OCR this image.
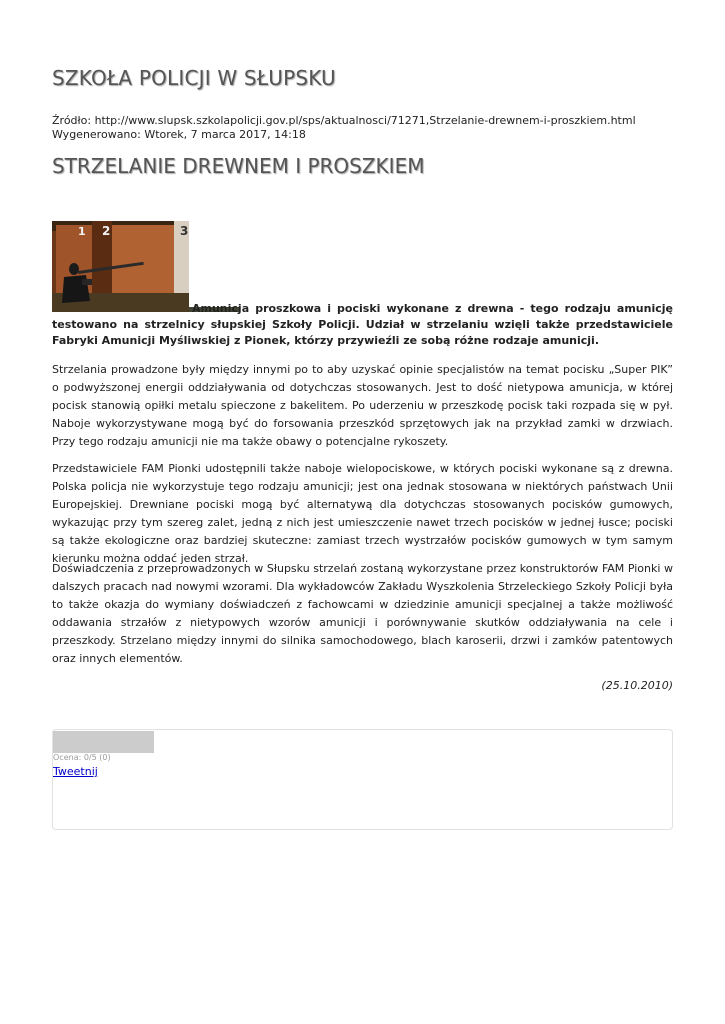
SZKOŁA POLICJI W SŁUPSKU
Źródło: http://www.slupsk.szkolapolicji.gov.pl/sps/aktualnosci/71271,Strzelanie-drewnem-i-proszkiem.html
Wygenerowano: Wtorek, 7 marca 2017, 14:18
STRZELANIE DREWNEM I PROSZKIEM
1 2	3

Amunicja proszkowa i pociski wykonane z drewna - tego rodzaju amunicję testowano na strzelnicy słupskiej Szkoły Policji. Udział w strzelaniu wzięli także przedstawiciele Fabryki Amunicji Myśliwskiej z Pionek, którzy przywieźli ze sobą różne rodzaje amunicji.

Strzelania prowadzone były między innymi po to aby uzyskać opinie specjalistów na temat pocisku „Super PIK” o podwyższonej energii oddziaływania od dotychczas stosowanych. Jest to dość nietypowa amunicja, w której pocisk stanowią opiłki metalu spieczone z bakelitem. Po uderzeniu w przeszkodę pocisk taki rozpada się w pył. Naboje wykorzystywane mogą być do forsowania przeszkód sprzętowych jak na przykład zamki w drzwiach. Przy tego rodzaju amunicji nie ma także obawy o potencjalne rykoszety.

Przedstawiciele FAM Pionki udostępnili także naboje wielopociskowe, w których pociski wykonane są z drewna. Polska policja nie wykorzystuje tego rodzaju amunicji; jest ona jednak stosowana w niektórych państwach Unii Europejskiej. Drewniane pociski mogą być alternatywą dla dotychczas stosowanych pocisków gumowych, wykazując przy tym szereg zalet, jedną z nich jest umieszczenie nawet trzech pocisków w jednej łusce; pociski są także ekologiczne oraz bardziej skuteczne: zamiast trzech wystrzałów pocisków gumowych w tym samym kierunku można oddać jeden strzał.

Doświadczenia z przeprowadzonych w Słupsku strzelań zostaną wykorzystane przez konstruktorów FAM Pionki w dalszych pracach nad nowymi wzorami. Dla wykładowców Zakładu Wyszkolenia Strzeleckiego Szkoły Policji była to także okazja do wymiany doświadczeń z fachowcami w dziedzinie amunicji specjalnej a także możliwość oddawania strzałów z nietypowych wzorów amunicji i porównywanie skutków oddziaływania na cele i przeszkody. Strzelano między innymi do silnika samochodowego, blach karoserii, drzwi i zamków patentowych oraz innych elementów.

(25.10.2010)
Ocena: 0/5 (0)
Tweetnij
